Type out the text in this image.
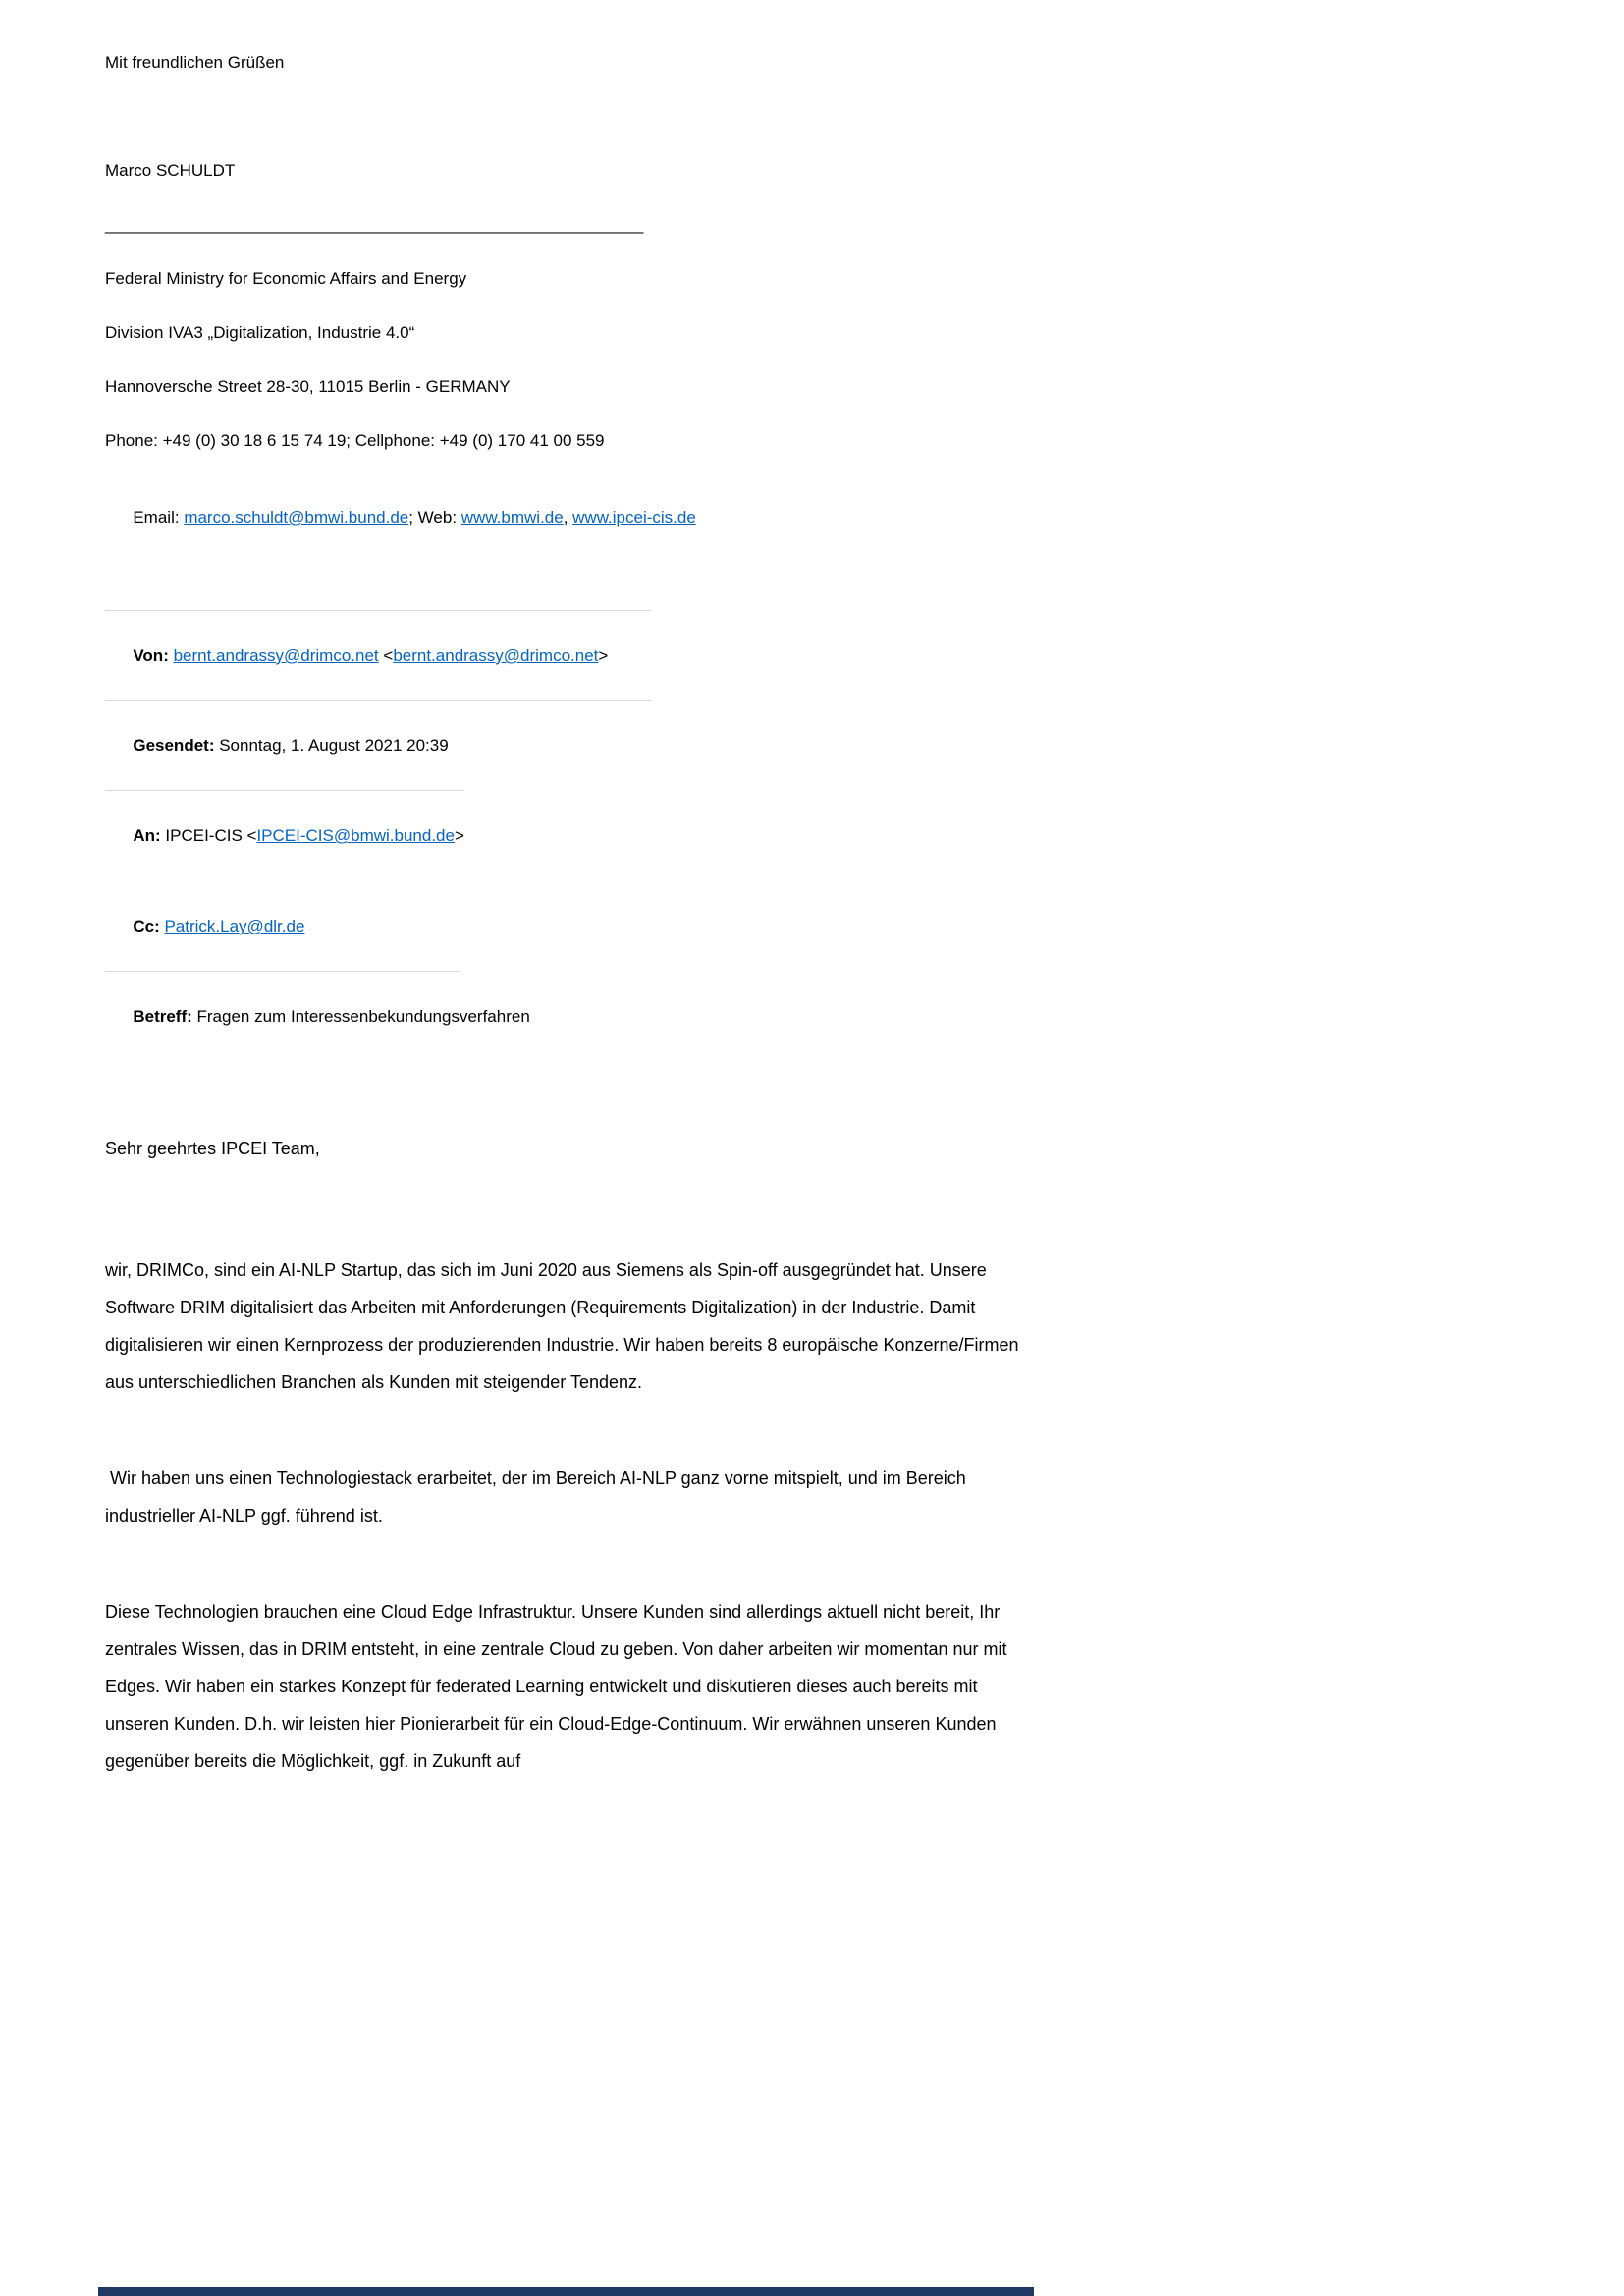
Mit freundlichen Grüßen

Marco SCHULDT

__________________________________________________________

Federal Ministry for Economic Affairs and Energy

Division IVA3 „Digitalization, Industrie 4.0“

Hannoversche Street 28-30, 11015 Berlin - GERMANY

Phone: +49 (0) 30 18 6 15 74 19; Cellphone: +49 (0) 170 41 00 559

Email: marco.schuldt@bmwi.bund.de; Web: www.bmwi.de, www.ipcei-cis.de

Von: bernt.andrassy@drimco.net <bernt.andrassy@drimco.net>

Gesendet: Sonntag, 1. August 2021 20:39

An: IPCEI-CIS <IPCEI-CIS@bmwi.bund.de>

Cc: Patrick.Lay@dlr.de

Betreff: Fragen zum Interessenbekundungsverfahren

Sehr geehrtes IPCEI Team,

wir, DRIMCo, sind ein AI-NLP Startup, das sich im Juni 2020 aus Siemens als Spin-off ausgegründet hat. Unsere Software DRIM digitalisiert das Arbeiten mit Anforderungen (Requirements Digitalization) in der Industrie. Damit digitalisieren wir einen Kernprozess der produzierenden Industrie. Wir haben bereits 8 europäische Konzerne/Firmen aus unterschiedlichen Branchen als Kunden mit steigender Tendenz.

Wir haben uns einen Technologiestack erarbeitet, der im Bereich AI-NLP ganz vorne mitspielt, und im Bereich industrieller AI-NLP ggf. führend ist.

Diese Technologien brauchen eine Cloud Edge Infrastruktur. Unsere Kunden sind allerdings aktuell nicht bereit, Ihr zentrales Wissen, das in DRIM entsteht, in eine zentrale Cloud zu geben. Von daher arbeiten wir momentan nur mit Edges. Wir haben ein starkes Konzept für federated Learning entwickelt und diskutieren dieses auch bereits mit unseren Kunden. D.h. wir leisten hier Pionierarbeit für ein Cloud-Edge-Continuum. Wir erwähnen unseren Kunden gegenüber bereits die Möglichkeit, ggf. in Zukunft auf
